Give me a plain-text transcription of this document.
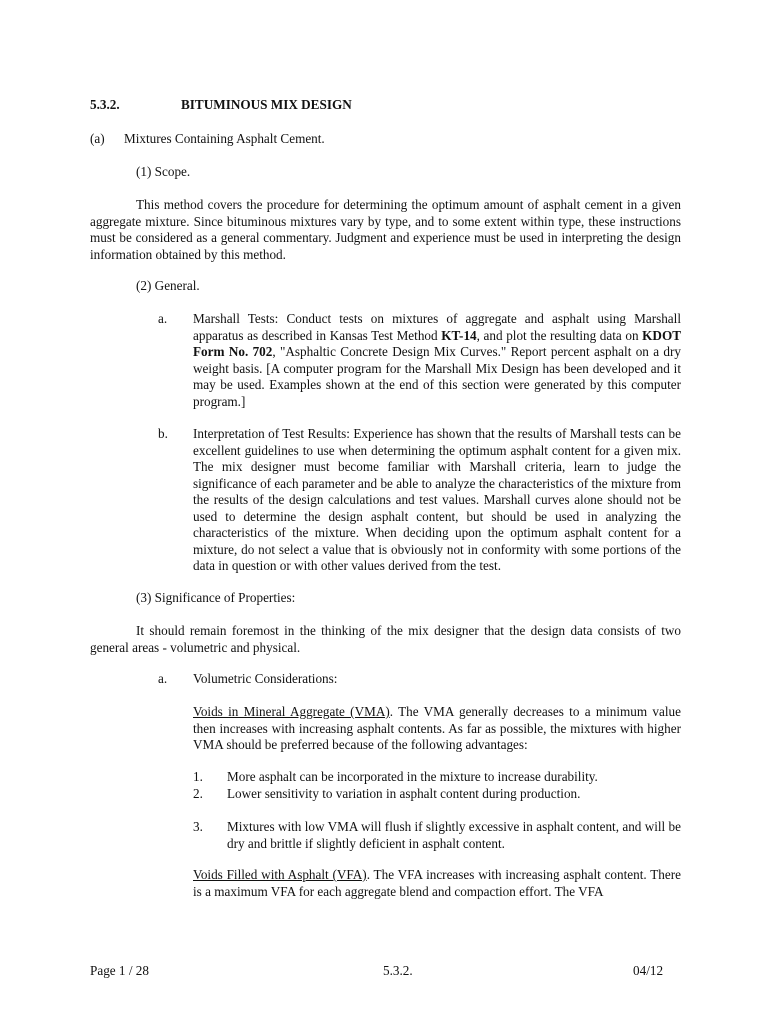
5.3.2.	BITUMINOUS MIX DESIGN
(a) Mixtures Containing Asphalt Cement.
(1) Scope.
This method covers the procedure for determining the optimum amount of asphalt cement in a given aggregate mixture. Since bituminous mixtures vary by type, and to some extent within type, these instructions must be considered as a general commentary. Judgment and experience must be used in interpreting the design information obtained by this method.
(2) General.
a. Marshall Tests: Conduct tests on mixtures of aggregate and asphalt using Marshall apparatus as described in Kansas Test Method KT-14, and plot the resulting data on KDOT Form No. 702, "Asphaltic Concrete Design Mix Curves." Report percent asphalt on a dry weight basis. [A computer program for the Marshall Mix Design has been developed and it may be used. Examples shown at the end of this section were generated by this computer program.]
b. Interpretation of Test Results: Experience has shown that the results of Marshall tests can be excellent guidelines to use when determining the optimum asphalt content for a given mix. The mix designer must become familiar with Marshall criteria, learn to judge the significance of each parameter and be able to analyze the characteristics of the mixture from the results of the design calculations and test values. Marshall curves alone should not be used to determine the design asphalt content, but should be used in analyzing the characteristics of the mixture. When deciding upon the optimum asphalt content for a mixture, do not select a value that is obviously not in conformity with some portions of the data in question or with other values derived from the test.
(3) Significance of Properties:
It should remain foremost in the thinking of the mix designer that the design data consists of two general areas - volumetric and physical.
a. Volumetric Considerations:
Voids in Mineral Aggregate (VMA). The VMA generally decreases to a minimum value then increases with increasing asphalt contents. As far as possible, the mixtures with higher VMA should be preferred because of the following advantages:
1. More asphalt can be incorporated in the mixture to increase durability.
2. Lower sensitivity to variation in asphalt content during production.
3. Mixtures with low VMA will flush if slightly excessive in asphalt content, and will be dry and brittle if slightly deficient in asphalt content.
Voids Filled with Asphalt (VFA). The VFA increases with increasing asphalt content. There is a maximum VFA for each aggregate blend and compaction effort. The VFA
Page 1 / 28	5.3.2.	04/12
